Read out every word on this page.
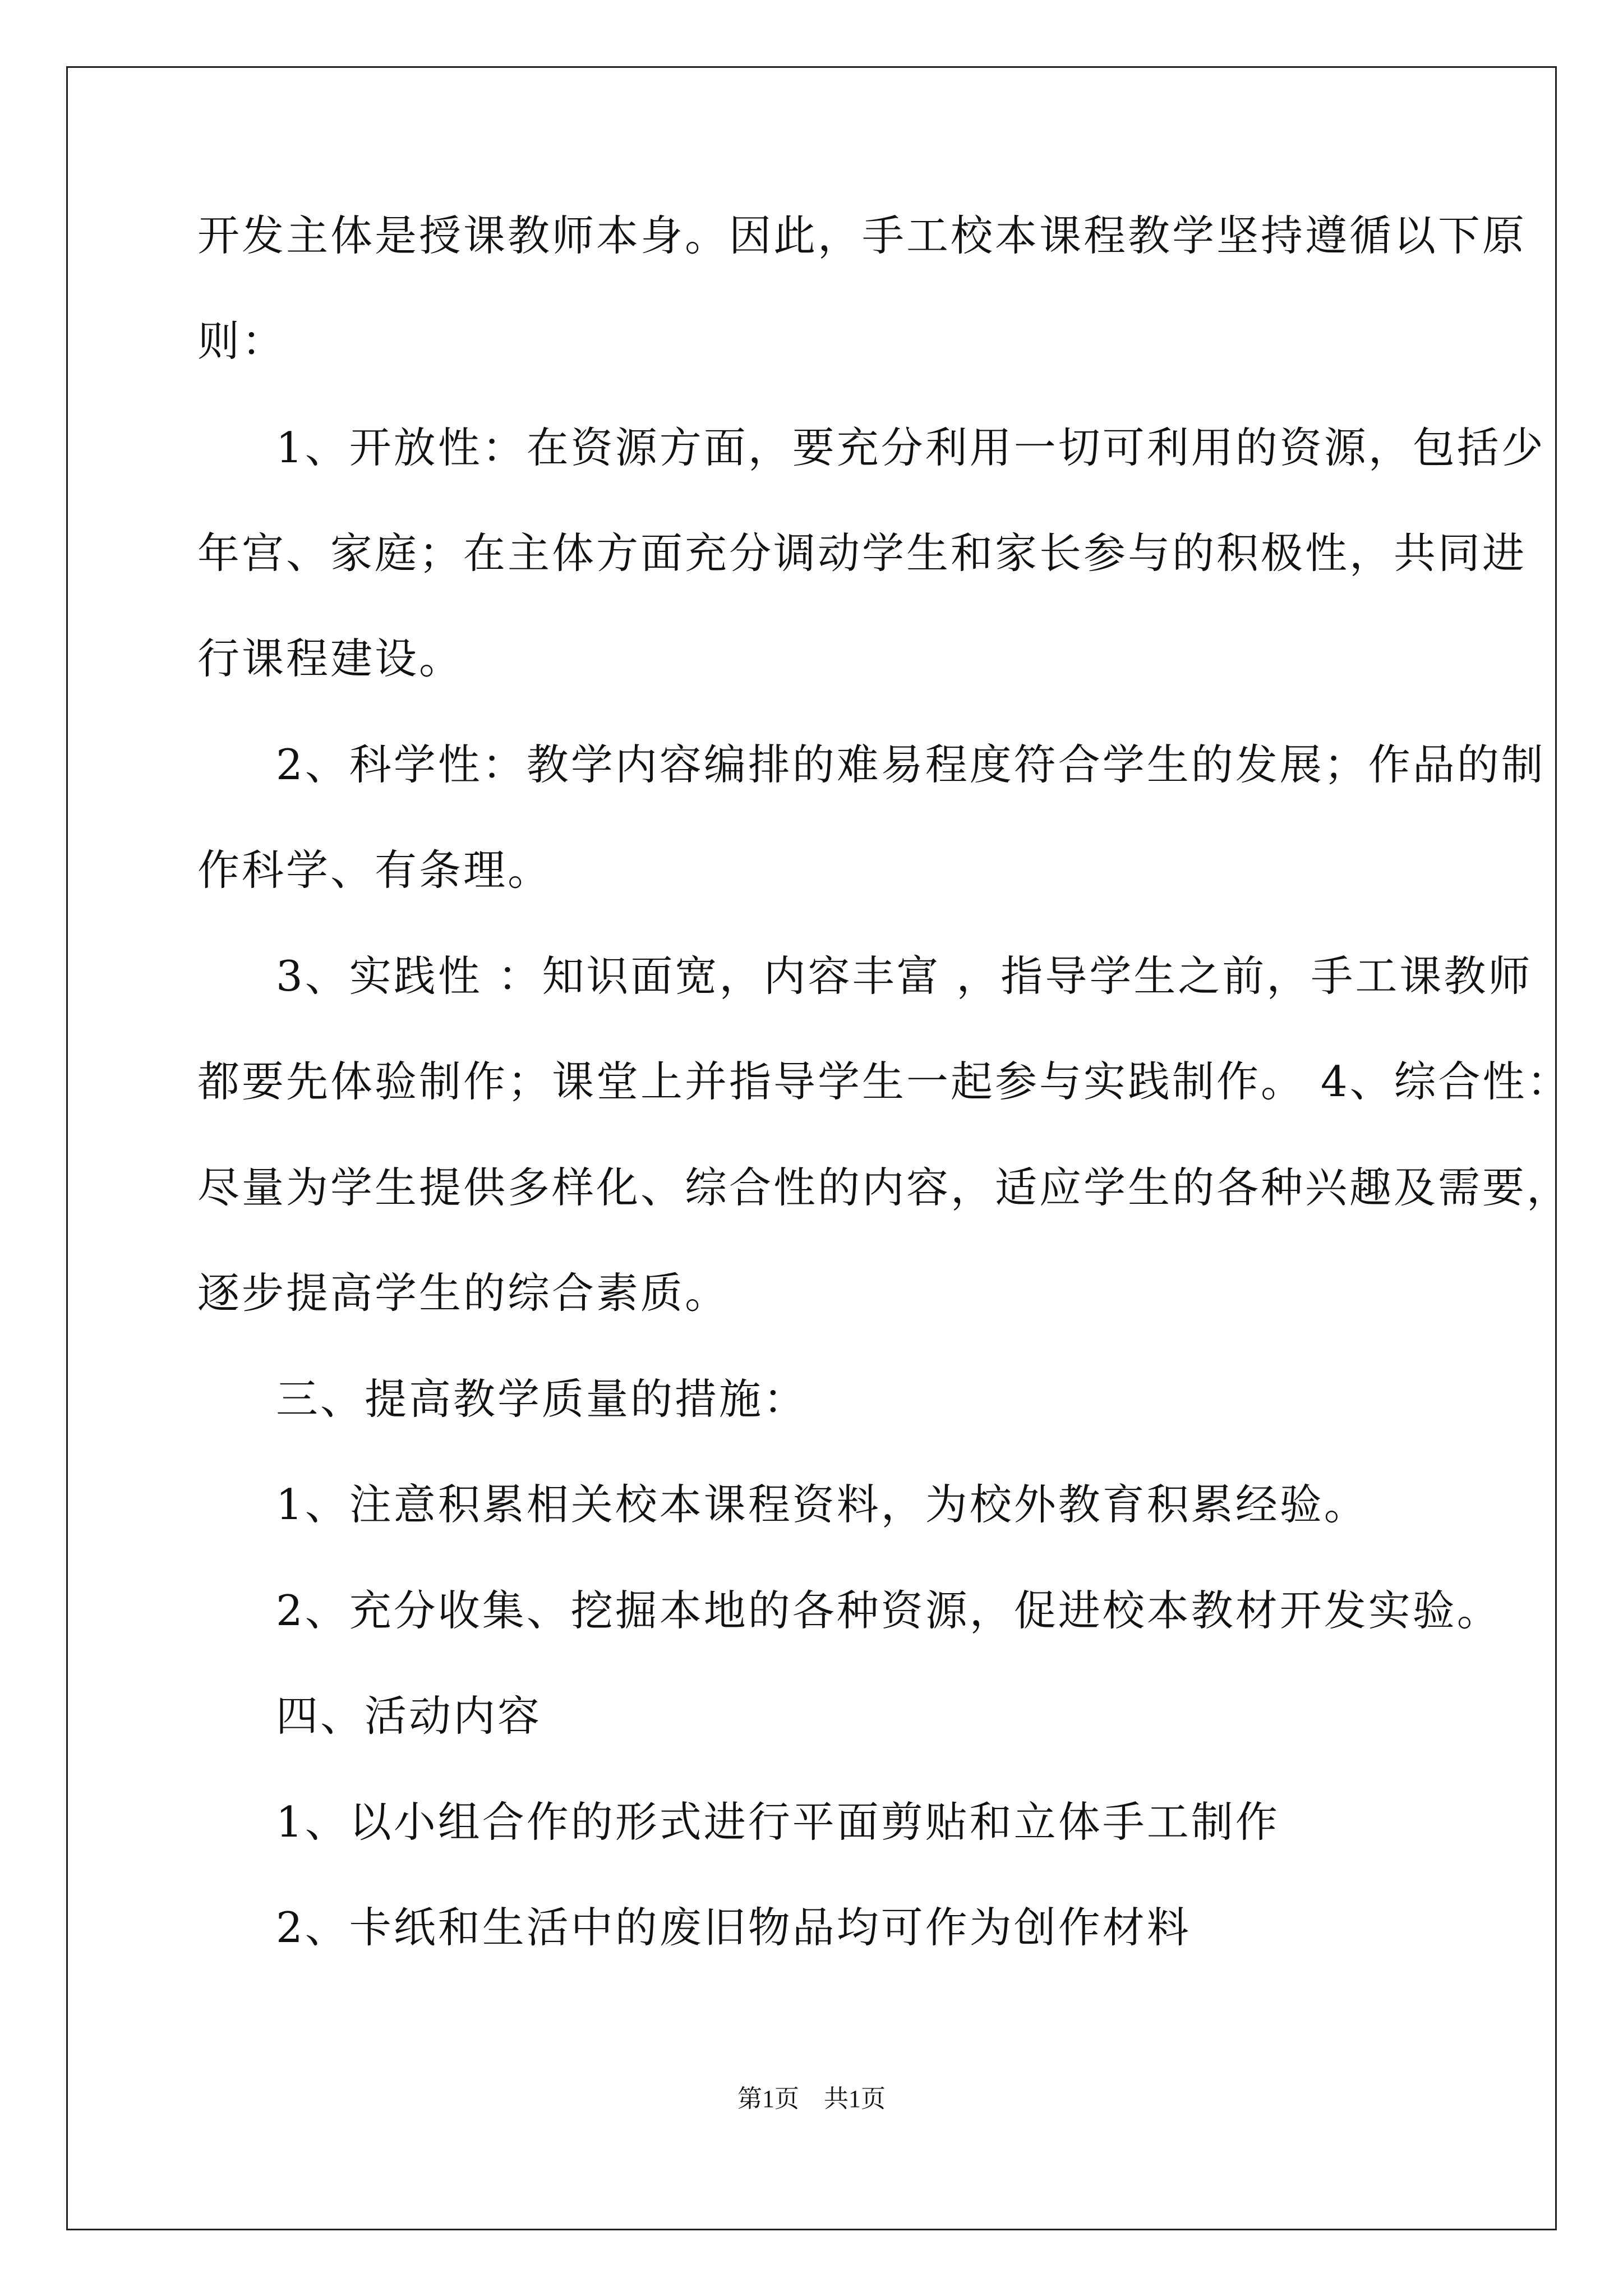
开发主体是授课教师本身。因此，手工校本课程教学坚持遵循以下原
则：
1、开放性：在资源方面，要充分利用一切可利用的资源，包括少
年宫、家庭；在主体方面充分调动学生和家长参与的积极性，共同进
行课程建设。
2、科学性：教学内容编排的难易程度符合学生的发展；作品的制
作科学、有条理。
3、实践性 ：知识面宽，内容丰富 ，指导学生之前，手工课教师
都要先体验制作；课堂上并指导学生一起参与实践制作。 4、综合性：
尽量为学生提供多样化、综合性的内容，适应学生的各种兴趣及需要，
逐步提高学生的综合素质。
三、提高教学质量的措施：
1、注意积累相关校本课程资料，为校外教育积累经验。
2、充分收集、挖掘本地的各种资源，促进校本教材开发实验。
四、活动内容
1、以小组合作的形式进行平面剪贴和立体手工制作
2、卡纸和生活中的废旧物品均可作为创作材料
第1页　共1页
